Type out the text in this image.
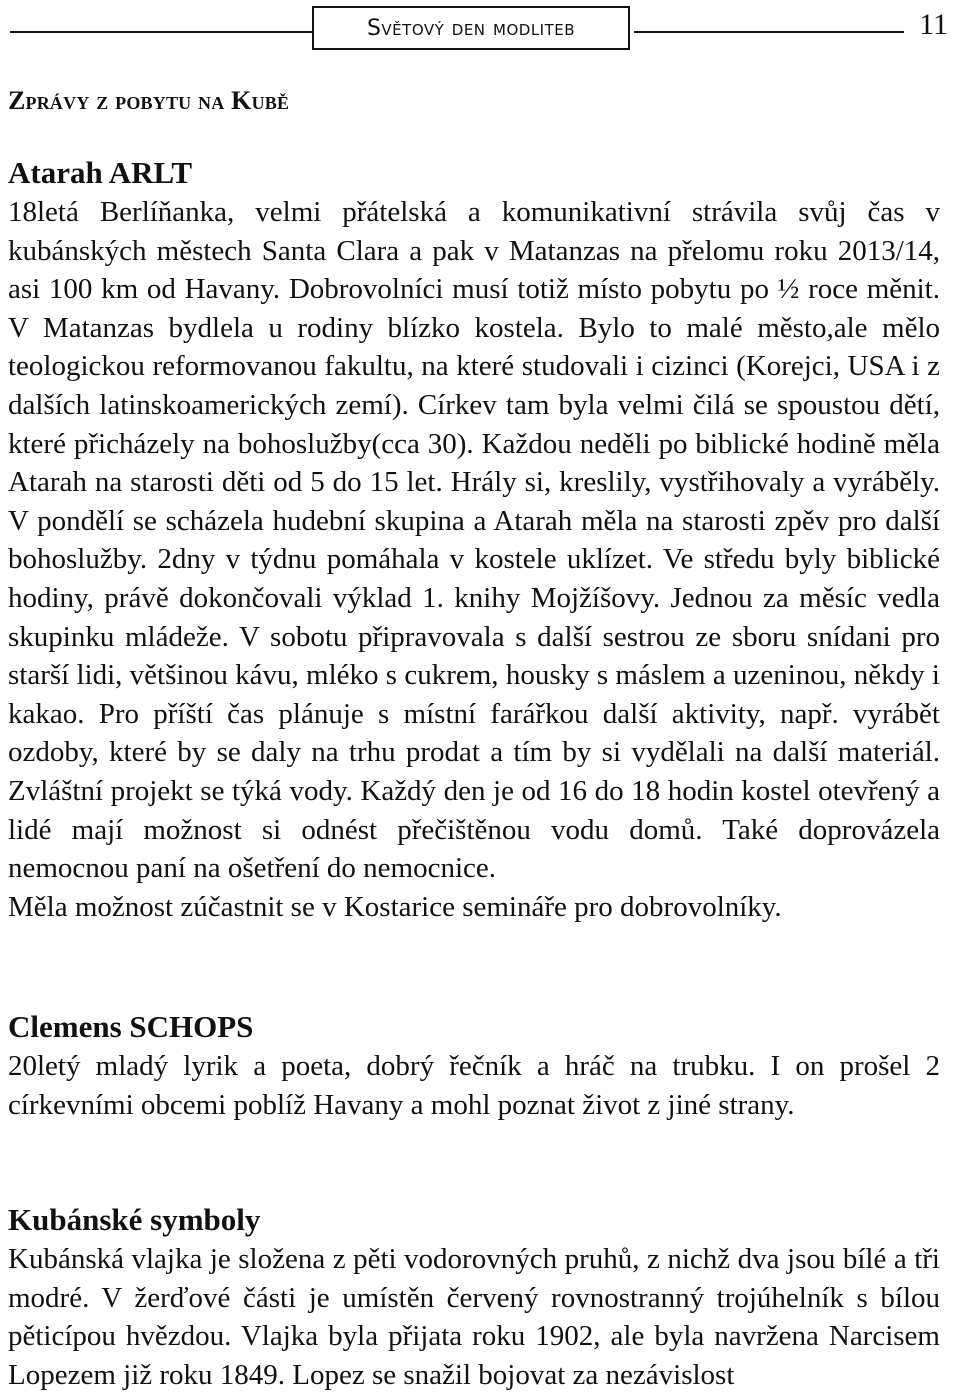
Světový den modliteb	11
Zprávy z pobytu na Kubě

Atarah ARLT

18letá Berlíňanka, velmi přátelská a komunikativní strávila svůj čas v kubánských městech Santa Clara a pak v Matanzas na přelomu roku 2013/14, asi 100 km od Havany. Dobrovolníci musí totiž místo pobytu po ½ roce měnit. V Matanzas bydlela u rodiny blízko kostela. Bylo to malé město,ale mělo teologickou reformovanou fakultu, na které studovali i cizinci (Korejci, USA i z dalších latinskoamerických zemí). Církev tam byla velmi čilá se spoustou dětí, které přicházely na bohoslužby(cca 30). Každou neděli po biblické hodině měla Atarah na starosti děti od 5 do 15 let. Hrály si, kreslily, vystřihovaly a vyráběly. V pondělí se scházela hudební skupina a Atarah měla na starosti zpěv pro další bohoslužby. 2dny v týdnu pomáhala v kostele uklízet. Ve středu byly biblické hodiny, právě dokončovali výklad 1. knihy Mojžíšovy. Jednou za měsíc vedla skupinku mládeže. V sobotu připravovala s další sestrou ze sboru snídani pro starší lidi, většinou kávu, mléko s cukrem, housky s máslem a uzeninou, někdy i kakao. Pro příští čas plánuje s místní farářkou další aktivity, např. vyrábět ozdoby, které by se daly na trhu prodat a tím by si vydělali na další materiál. Zvláštní projekt se týká vody. Každý den je od 16 do 18 hodin kostel otevřený a lidé mají možnost si odnést přečištěnou vodu domů. Také doprovázela nemocnou paní na ošetření do nemocnice.

Měla možnost zúčastnit se v Kostarice semináře pro dobrovolníky.

Clemens SCHOPS

20letý mladý lyrik a poeta, dobrý řečník a hráč na trubku. I on prošel 2 církevními obcemi poblíž Havany a mohl poznat život z jiné strany.

Kubánské symboly

Kubánská vlajka je složena z pěti vodorovných pruhů, z nichž dva jsou bílé a tři modré. V žerďové části je umístěn červený rovnostranný trojúhelník s bílou pěticípou hvězdou. Vlajka byla přijata roku 1902, ale byla navržena Narcisem Lopezem již roku 1849. Lopez se snažil bojovat za nezávislost
